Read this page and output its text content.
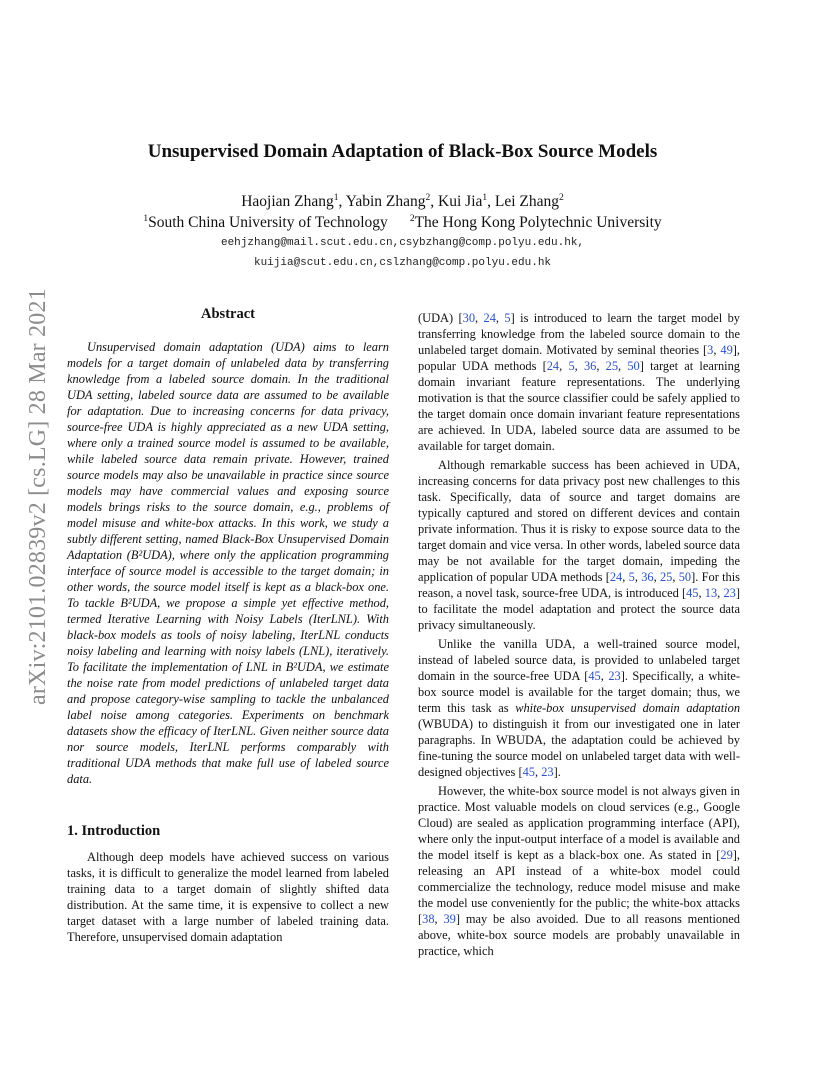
arXiv:2101.02839v2 [cs.LG] 28 Mar 2021
Unsupervised Domain Adaptation of Black-Box Source Models
Haojian Zhang$^1$, Yabin Zhang$^2$, Kui Jia$^1$, Lei Zhang$^2$
$^1$South China University of Technology $^2$The Hong Kong Polytechnic University
eehjzhang@mail.scut.edu.cn,csybzhang@comp.polyu.edu.hk,
kuijia@scut.edu.cn,cslzhang@comp.polyu.edu.hk
Abstract

Unsupervised domain adaptation (UDA) aims to learn models for a target domain of unlabeled data by transferring knowledge from a labeled source domain. In the traditional UDA setting, labeled source data are assumed to be available for adaptation. Due to increasing concerns for data privacy, source-free UDA is highly appreciated as a new UDA setting, where only a trained source model is assumed to be available, while labeled source data remain private. However, trained source models may also be unavailable in practice since source models may have commercial values and exposing source models brings risks to the source domain, e.g., problems of model misuse and white-box attacks. In this work, we study a subtly different setting, named Black-Box Unsupervised Domain Adaptation (B²UDA), where only the application programming interface of source model is accessible to the target domain; in other words, the source model itself is kept as a black-box one. To tackle B²UDA, we propose a simple yet effective method, termed Iterative Learning with Noisy Labels (IterLNL). With black-box models as tools of noisy labeling, IterLNL conducts noisy labeling and learning with noisy labels (LNL), iteratively. To facilitate the implementation of LNL in B²UDA, we estimate the noise rate from model predictions of unlabeled target data and propose category-wise sampling to tackle the unbalanced label noise among categories. Experiments on benchmark datasets show the efficacy of IterLNL. Given neither source data nor source models, IterLNL performs comparably with traditional UDA methods that make full use of labeled source data.

1. Introduction

Although deep models have achieved success on various tasks, it is difficult to generalize the model learned from labeled training data to a target domain of slightly shifted data distribution. At the same time, it is expensive to collect a new target dataset with a large number of labeled training data. Therefore, unsupervised domain adaptation

(UDA) [30, 24, 5] is introduced to learn the target model by transferring knowledge from the labeled source domain to the unlabeled target domain. Motivated by seminal theories [3, 49], popular UDA methods [24, 5, 36, 25, 50] target at learning domain invariant feature representations. The underlying motivation is that the source classifier could be safely applied to the target domain once domain invariant feature representations are achieved. In UDA, labeled source data are assumed to be available for target domain.

Although remarkable success has been achieved in UDA, increasing concerns for data privacy post new challenges to this task. Specifically, data of source and target domains are typically captured and stored on different devices and contain private information. Thus it is risky to expose source data to the target domain and vice versa. In other words, labeled source data may be not available for the target domain, impeding the application of popular UDA methods [24, 5, 36, 25, 50]. For this reason, a novel task, source-free UDA, is introduced [45, 13, 23] to facilitate the model adaptation and protect the source data privacy simultaneously.

Unlike the vanilla UDA, a well-trained source model, instead of labeled source data, is provided to unlabeled target domain in the source-free UDA [45, 23]. Specifically, a white-box source model is available for the target domain; thus, we term this task as white-box unsupervised domain adaptation (WBUDA) to distinguish it from our investigated one in later paragraphs. In WBUDA, the adaptation could be achieved by fine-tuning the source model on unlabeled target data with well-designed objectives [45, 23].

However, the white-box source model is not always given in practice. Most valuable models on cloud services (e.g., Google Cloud) are sealed as application programming interface (API), where only the input-output interface of a model is available and the model itself is kept as a black-box one. As stated in [29], releasing an API instead of a white-box model could commercialize the technology, reduce model misuse and make the model use conveniently for the public; the white-box attacks [38, 39] may be also avoided. Due to all reasons mentioned above, white-box source models are probably unavailable in practice, which
